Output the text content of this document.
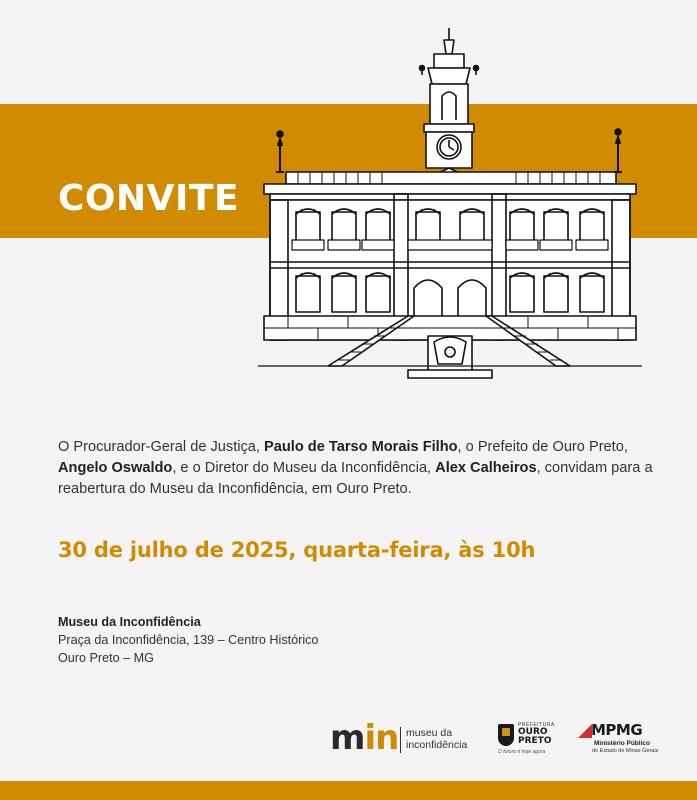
CONVITE
O Procurador-Geral de Justiça, Paulo de Tarso Morais Filho, o Prefeito de Ouro Preto, Angelo Oswaldo, e o Diretor do Museu da Inconfidência, Alex Calheiros, convidam para a reabertura do Museu da Inconfidência, em Ouro Preto.
30 de julho de 2025, quarta-feira, às 10h
Museu da Inconfidência
Praça da Inconfidência, 139 – Centro Histórico
Ouro Preto – MG
min museu da
inconfidência
PREFEITURA
OURO
PRETO
O futuro é hoje agora
MPMG
Ministério Público
do Estado de Minas Gerais
